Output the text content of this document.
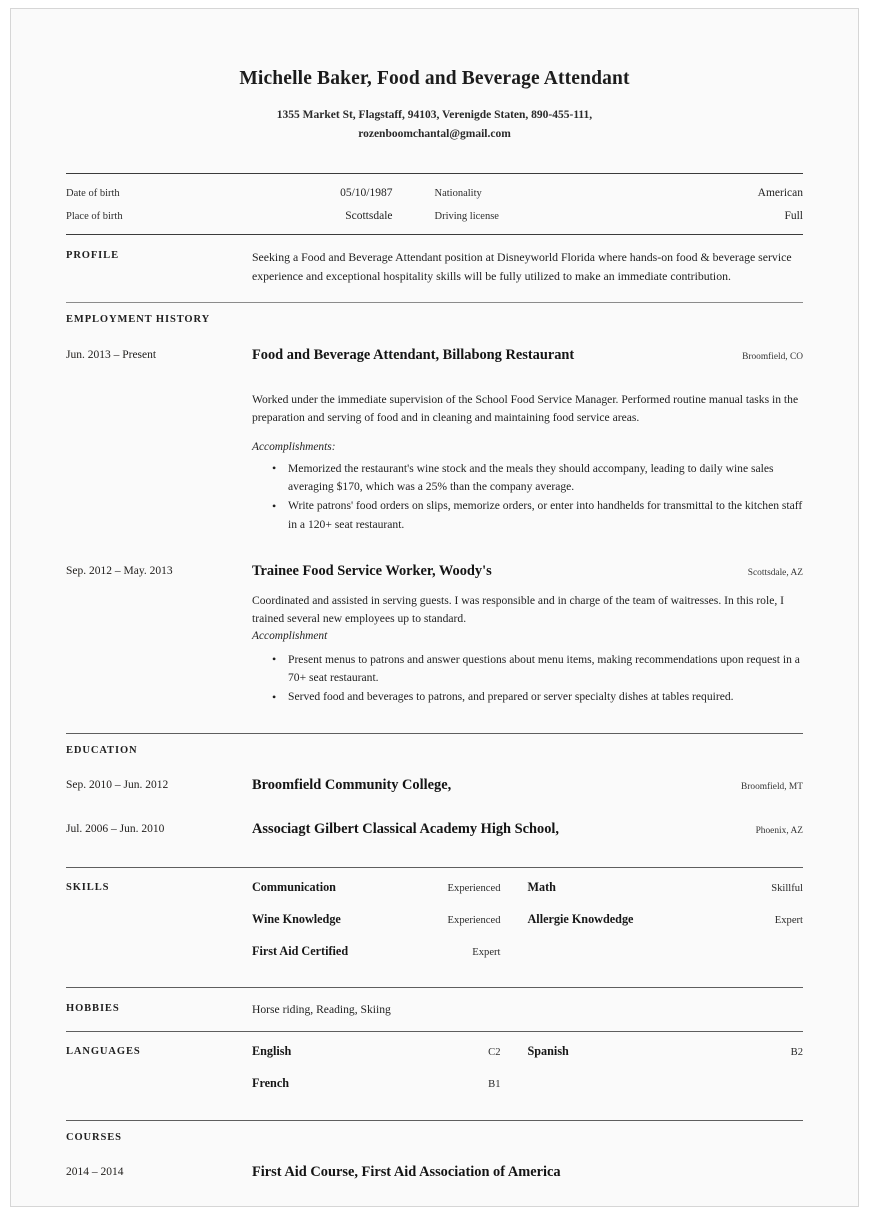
Michelle Baker, Food and Beverage Attendant
1355 Market St, Flagstaff, 94103, Verenigde Staten, 890-455-111,
rozenboomchantal@gmail.com
Date of birth	05/10/1987	Nationality	American
Place of birth	Scottsdale	Driving license	Full
PROFILE	Seeking a Food and Beverage Attendant position at Disneyworld Florida where hands-on food & beverage service experience and exceptional hospitality skills will be fully utilized to make an immediate contribution.
EMPLOYMENT HISTORY
Jun. 2013 – Present	Food and Beverage Attendant, Billabong Restaurant	Broomfield, CO
Worked under the immediate supervision of the School Food Service Manager. Performed routine manual tasks in the preparation and serving of food and in cleaning and maintaining food service areas.
Accomplishments:
• Memorized the restaurant's wine stock and the meals they should accompany, leading to daily wine sales averaging $170, which was a 25% than the company average.
• Write patrons' food orders on slips, memorize orders, or enter into handhelds for transmittal to the kitchen staff in a 120+ seat restaurant.
Sep. 2012 – May. 2013	Trainee Food Service Worker, Woody's	Scottsdale, AZ
Coordinated and assisted in serving guests. I was responsible and in charge of the team of waitresses. In this role, I trained several new employees up to standard.
Accomplishment
• Present menus to patrons and answer questions about menu items, making recommendations upon request in a 70+ seat restaurant.
• Served food and beverages to patrons, and prepared or server specialty dishes at tables required.
EDUCATION
Sep. 2010 – Jun. 2012	Broomfield Community College,	Broomfield, MT
Jul. 2006 – Jun. 2010	Associagt Gilbert Classical Academy High School,	Phoenix, AZ
SKILLS	Communication	Experienced	Math	Skillful
Wine Knowledge	Experienced	Allergie Knowdedge	Expert
First Aid Certified	Expert
HOBBIES	Horse riding, Reading, Skiing
LANGUAGES	English	C2	Spanish	B2
French	B1
COURSES
2014 – 2014	First Aid Course, First Aid Association of America
